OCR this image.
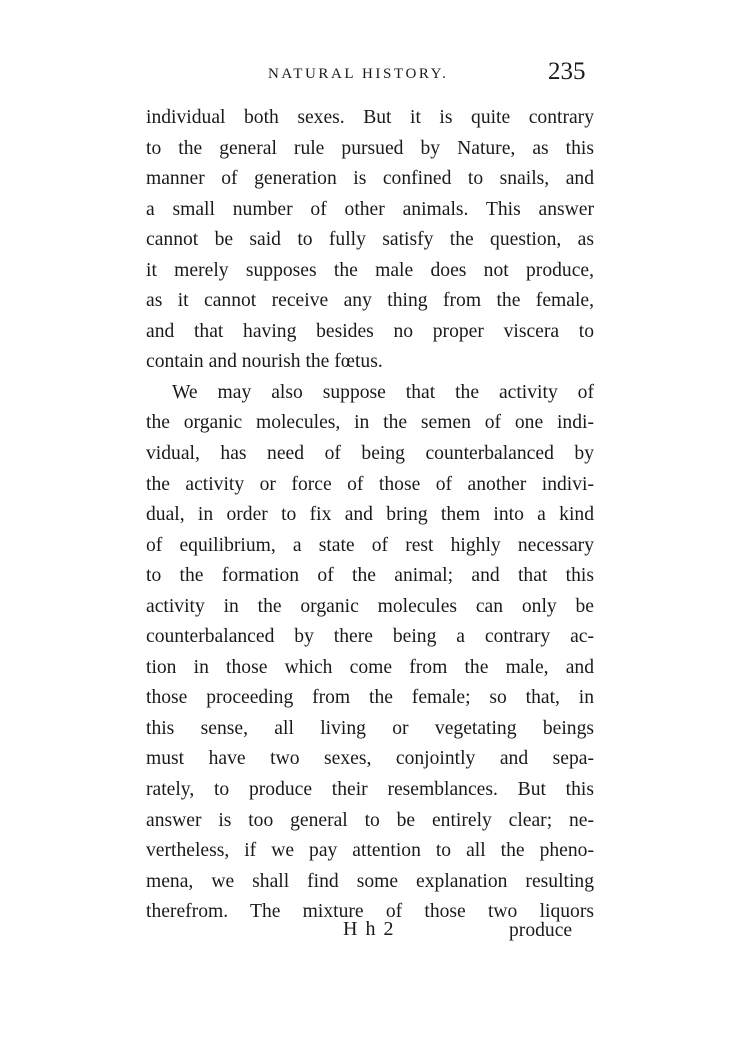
NATURAL HISTORY.	235
individual both sexes. But it is quite contrary
to the general rule pursued by Nature, as this
manner of generation is confined to snails, and
a small number of other animals. This answer
cannot be said to fully satisfy the question, as
it merely supposes the male does not produce,
as it cannot receive any thing from the female,
and that having besides no proper viscera to
contain and nourish the fœtus.
We may also suppose that the activity of
the organic molecules, in the semen of one indi-
vidual, has need of being counterbalanced by
the activity or force of those of another indivi-
dual, in order to fix and bring them into a kind
of equilibrium, a state of rest highly necessary
to the formation of the animal; and that this
activity in the organic molecules can only be
counterbalanced by there being a contrary ac-
tion in those which come from the male, and
those proceeding from the female; so that, in
this sense, all living or vegetating beings
must have two sexes, conjointly and sepa-
rately, to produce their resemblances. But this
answer is too general to be entirely clear; ne-
vertheless, if we pay attention to all the pheno-
mena, we shall find some explanation resulting
therefrom. The mixture of those two liquors
H h 2	produce
